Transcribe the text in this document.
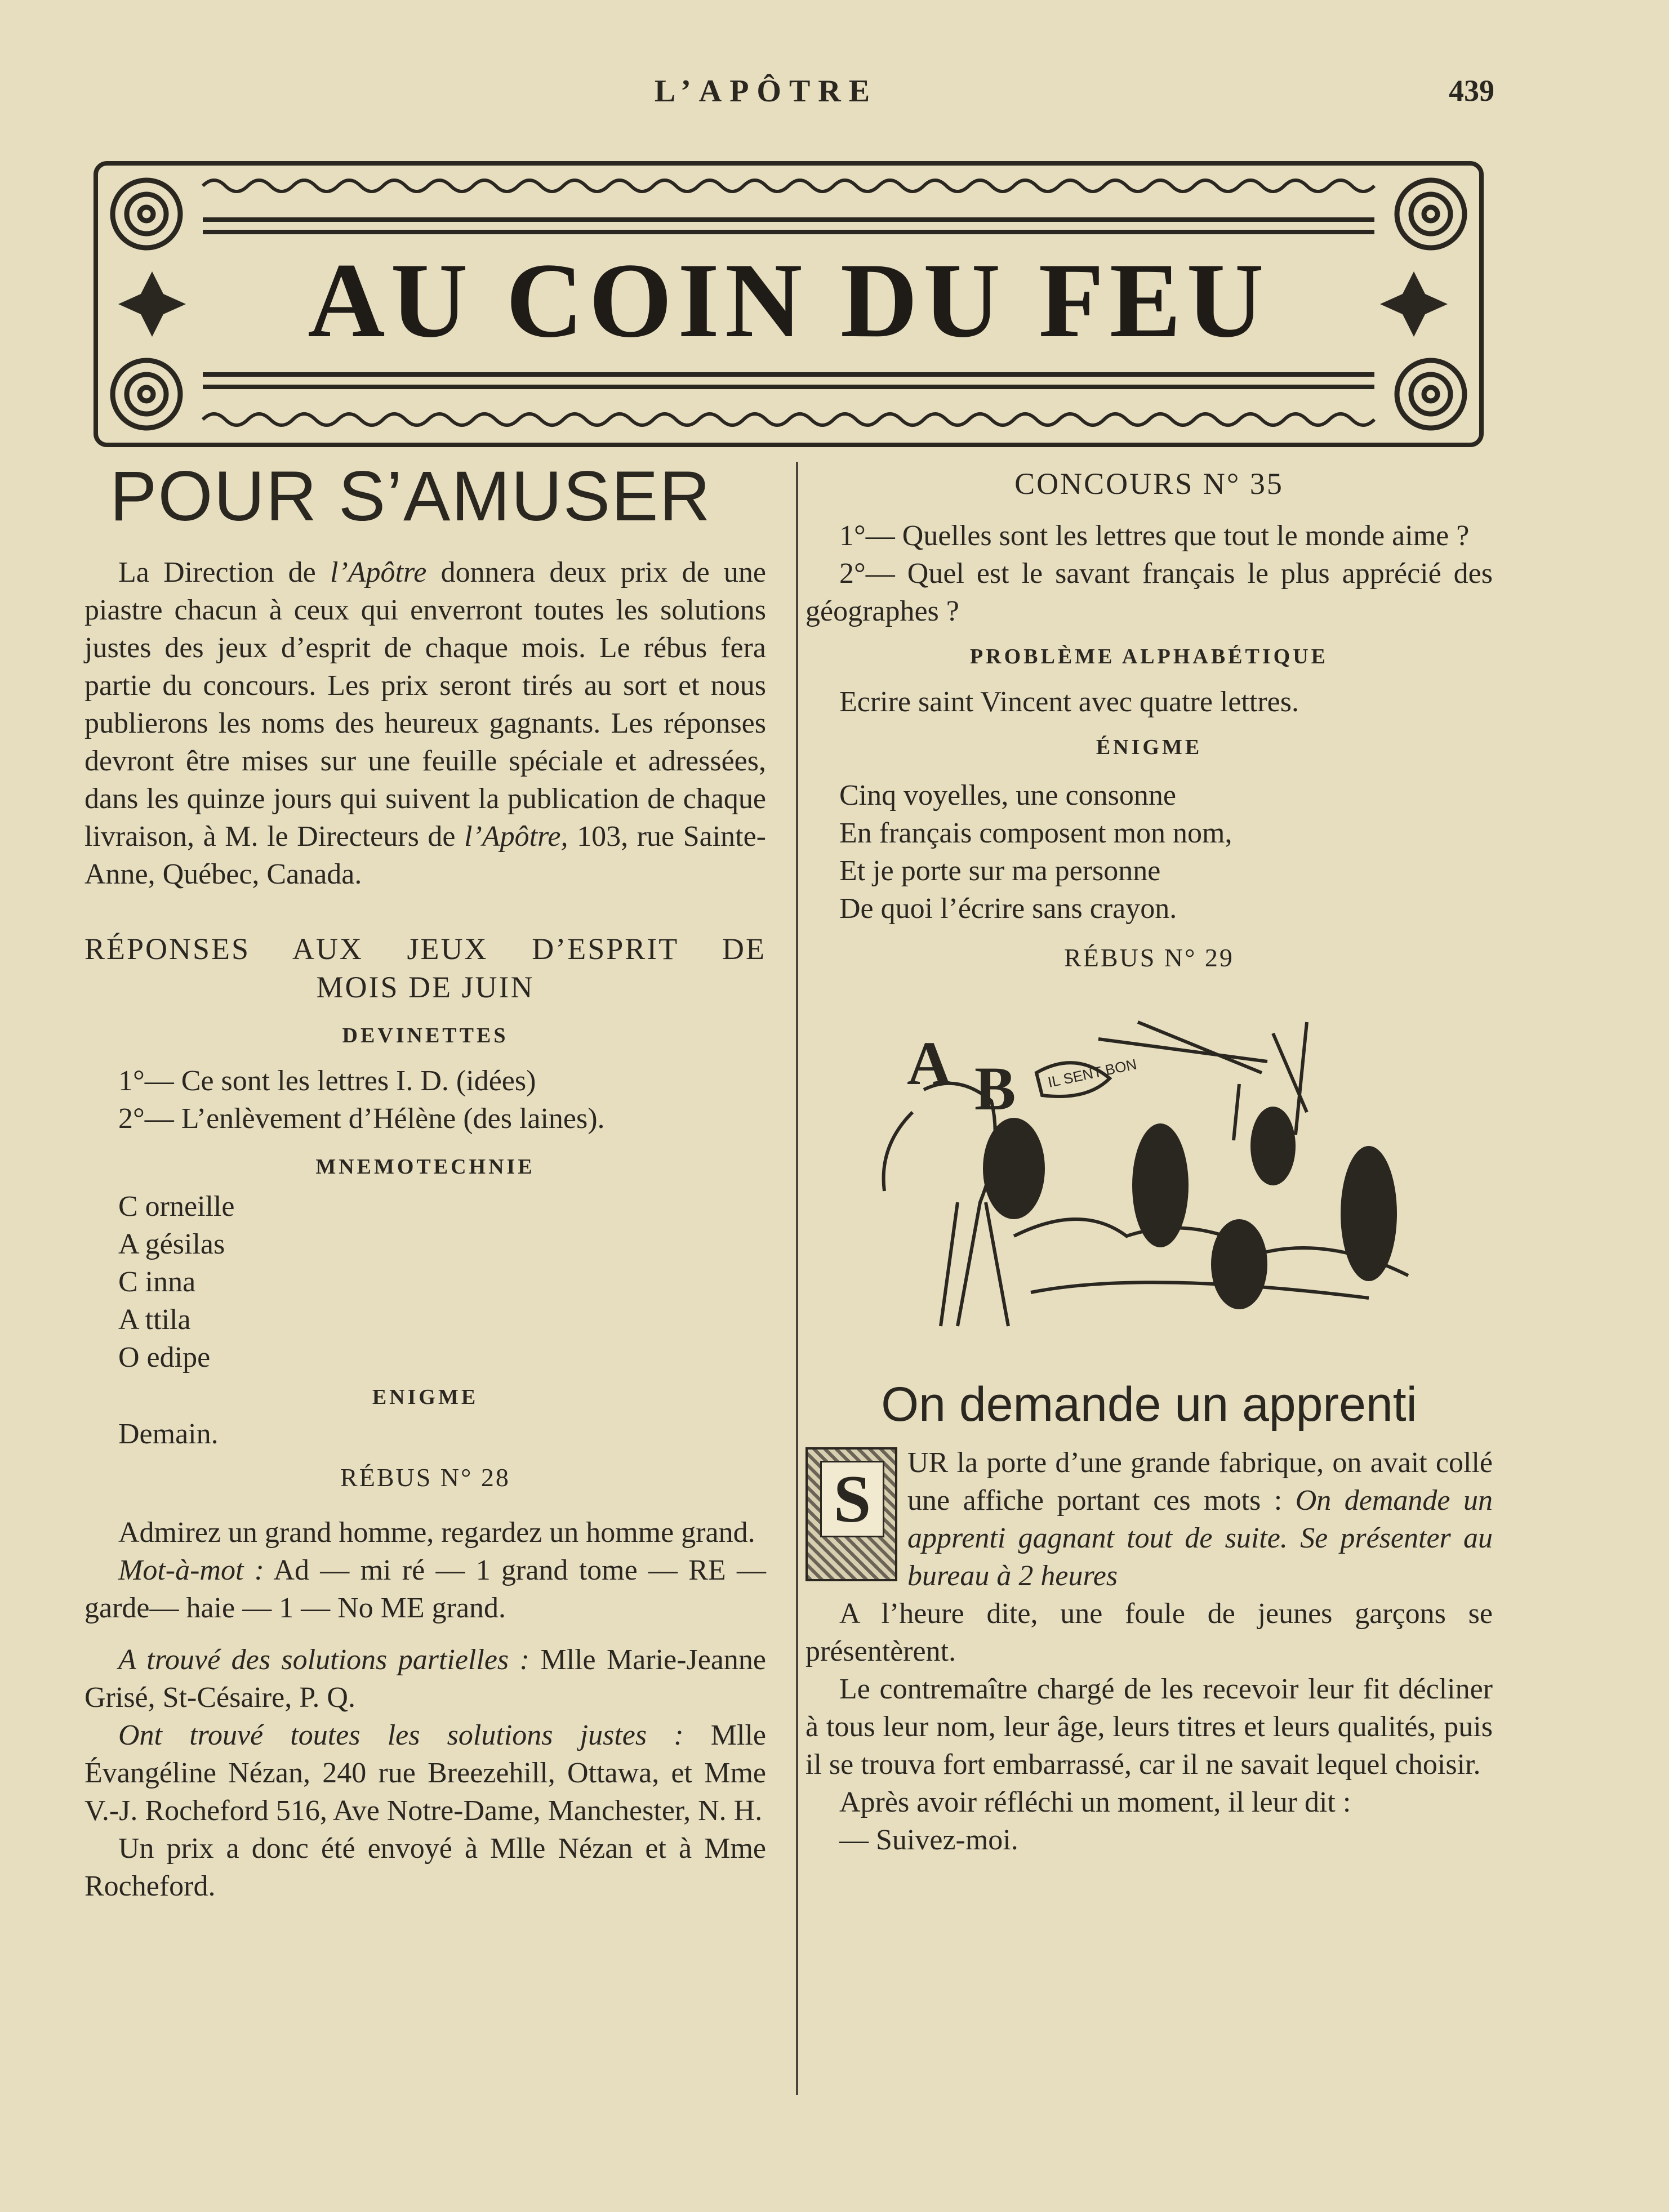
L’APÔTRE	439
AU COIN DU FEU
POUR S’AMUSER

La Direction de l’Apôtre donnera deux prix de une piastre chacun à ceux qui enverront toutes les solutions justes des jeux d’esprit de chaque mois. Le rébus fera partie du concours. Les prix seront tirés au sort et nous publierons les noms des heureux gagnants. Les réponses devront être mises sur une feuille spéciale et adressées, dans les quinze jours qui suivent la publication de chaque livraison, à M. le Directeurs de l’Apôtre, 103, rue Sainte-Anne, Québec, Canada.

RÉPONSES AUX JEUX D’ESPRIT DE

MOIS DE JUIN

DEVINETTES

1°— Ce sont les lettres I. D. (idées)

2°— L’enlèvement d’Hélène (des laines).

MNEMOTECHNIE

C orneille

A gésilas

C inna

A ttila

O edipe

ENIGME

Demain.

RÉBUS N° 28

Admirez un grand homme, regardez un homme grand.

Mot-à-mot : Ad — mi ré — 1 grand tome — RE — garde— haie — 1 — No ME grand.

A trouvé des solutions partielles : Mlle Marie-Jeanne Grisé, St-Césaire, P. Q.

Ont trouvé toutes les solutions justes : Mlle Évangéline Nézan, 240 rue Breezehill, Ottawa, et Mme V.-J. Rocheford 516, Ave Notre-Dame, Manchester, N. H.

Un prix a donc été envoyé à Mlle Nézan et à Mme Rocheford.

CONCOURS N° 35

1°— Quelles sont les lettres que tout le monde aime ?

2°— Quel est le savant français le plus apprécié des géographes ?

PROBLÈME ALPHABÉTIQUE

Ecrire saint Vincent avec quatre lettres.

ÉNIGME

Cinq voyelles, une consonne

En français composent mon nom,

Et je porte sur ma personne

De quoi l’écrire sans crayon.

RÉBUS N° 29

A B IL SENT BON

On demande un apprenti

S	UR la porte d’une grande fabrique, on avait collé une affiche portant ces mots : On demande un apprenti gagnant tout de suite. Se présenter au bureau à 2 heures

A l’heure dite, une foule de jeunes garçons se présentèrent.

Le contremaître chargé de les recevoir leur fit décliner à tous leur nom, leur âge, leurs titres et leurs qualités, puis il se trouva fort embarrassé, car il ne savait lequel choisir.

Après avoir réfléchi un moment, il leur dit :

— Suivez-moi.
